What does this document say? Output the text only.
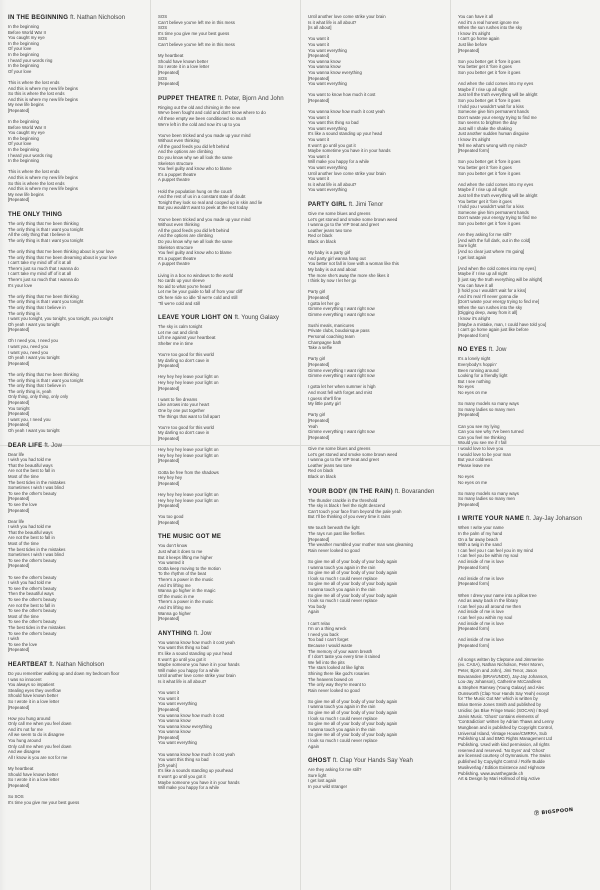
IN THE BEGINNING ft. Nathan Nicholson
In the beginning
Before World War II
You caught my eye
In the beginning
Of your love
In the beginning
I heard your words ring
In the beginning
Of your love
This is where the lost ends
And this is where my new life begins
So this is where the lost ends
And this is where my new life begins
My new life begins
[Repeated]
In the beginning
Before World War II
You caught my eye
In the beginning
Of your love
In the beginning
I heard your words ring
In the beginning
This is where the lost ends
And this is where my new life begins
So this is where the lost ends
And this is where my new life begins
My new life begins
[Repeated]
THE ONLY THING
The only thing that I've been thinking
The only thing is that I want you tonight
All the only thing that I believe in
The only thing is that I want you tonight
The only thing that I've been thinking about is your love
The only thing that I've been dreaming about is your love
I can't take my mind off of it at all
There's just so much that I wanna do
I can't take my mind off of it at all
There's just so much that I wanna do
It's your love
The only thing that I've been thinking
The only thing is that I want you tonight
The only thing that I believe in
The only thing is
I want you tonight, you tonight, you tonight, you tonight
Oh yeah I want you tonight
[Repeated]
Oh I need you, I need you
I want you, need you
I want you, need you
Oh yeah I want you tonight
[Repeated]
The only thing that I've been thinking
The only thing is that I want you tonight
The only thing that I believe in
The only thing is, yeah
Only thing, only thing, only only
[Repeated]
You tonight
[Repeated]
I want you, I need you
[Repeated]
Oh yeah I want you tonight
DEAR LIFE ft. Jow
Dear life
I wish you had told me
That the beautiful ways
Are not the best to fall in
Most of the time
The best tides in the mistakes
Sometimes I wish I was blind
To see the other's beauty
[Repeated]
To see the love
[Repeated]
Dear life
I wish you had told me
That the beautiful ways
Are not the best to fall in
Most of the time
The best tides in the mistakes
Sometimes I wish I was blind
To see the other's beauty
[Repeated]
To see the other's beauty
I wish you had told me
To see the other's beauty
Then the beautiful ways
To see the other's beauty
Are not the best to fall in
To see the other's beauty
Most of the time
To see the other's beauty
The best tides in the mistakes
To see the other's beauty
I wish
To see the love
[Repeated]
HEARTBEAT ft. Nathan Nicholson
Do you remember walking up and down my bedroom floor
I was so innocent
You always so impatient
Stealing eyes they overflow
Should have known better
So I wrote it in a love letter
[Repeated]
How you hung around
Only call me when you feel down
And it's not for me
All we seem to do is disagree
You hung around
Only call me when you feel down
And we disagree
All I know is you are not for me
My heartbeat
Should have known better
So I wrote it in a love letter
[Repeated]
So SOS
It's time you give me your best guess
SOS
Can't believe you've left me in this mess
SOS
It's time you give me your best guess
SOS
Can't believe you've left me in this mess
My heartbeat
Should have known better
So I wrote it in a love letter
[Repeated]
SOS
[Repeated]
PUPPET THEATRE ft. Peter, Bjorn And John
Ringing out the old and chiming in the new
We've been fought and cold and don't know where to do
All these empty we been conditioned so much
We're left in the cold and now it's up to you
You've been tricked and you made up your mind
Without even thinking
All the good feeds you did left behind
And the options are climbing
Do you know why we all look the same
Skeleton structure
You feel guilty and know who to blame
It's a puppet theatre
A puppet theatre
Hold the population hung on the couch
And the rest of us in a constant state of doubt
Tonight they look so real and cooped up in skin and lie
But you wouldn't want to peek at the rest today
You've been tricked and you made up your mind
Without even thinking
All the good feeds you did left behind
And the options are climbing
Do you know why we all look the same
Skeleton structure
You feel guilty and know who to blame
It's a puppet theatre
A puppet theatre
Living in a box no windows to the world
No cards up your sleeve
No aid to what you're heard
Let me be your guide to fall of from your cliff
Ok here ride so idle 'til we're cold and still
'Til we're cold and still
LEAVE YOUR LIGHT ON ft. Young Galaxy
The sky is calm tonight
Let me out and climb
Lift me against your heartbeat
Shelter me in time
You're too good for this world
My darling so don't cave in
[Repeated]
Hey hey hey leave your light on
Hey hey hey leave your light on
[Repeated]
I want to fire dreams
Like arrows into your heart
One by one put together
The things that want to fall apart
You're too good for this world
My darling so don't cave in
[Repeated]
Hey hey hey leave your light on
Hey hey hey leave your light on
[Repeated]
Gotta be free from the shadows
Hey hey hey
[Repeated]
Hey hey hey leave your light on
Hey hey hey leave your light on
[Repeated]
You too good
[Repeated]
THE MUSIC GOT ME
You don't know
Just what it does to me
But it keeps lifting me higher
You wanted it
Gotta keep moving to the motion
To the rhythm of the beat
There's a power in the music
And it's lifting me
Wanna go higher in the magic
Of the music in me
There's a power in the music
And it's lifting me
Wanna go higher
[Repeated]
ANYTHING ft. Jow
You wanna know how much it cost yeah
You want this thing so bad
It's like a sound standing up your head
It won't go until you got it
Maybe someone you have it in your hands
Will make you happy for a while
Until another love come strike your brain
Is it what life is all about?
You want it
You want it
You want everything
[Repeated]
You wanna know how much it cost
You wanna know
You wanna know everything
You wanna know
[Repeated]
You want everything
You wanna know how much it cost yeah
You want this thing so bad
[Oh yeah]
It's like a sounds standing up yourhead
It won't go until you got it
Maybe someone you have it in your hands
Will make you happy for a while
Until another love come strike your brain
Is it what life is all about?
[Is all about]
You want it
You want it
You want everything
[Repeated]
You wanna know
You wanna know
You wanna know everything
[Repeated]
You want everything
You want to know how much it cost
[Repeated]
You wanna know how much it cost yeah
You want it
You want this thing so bad
You want everything
It's like a sound standing up your head
You want it
It won't go until you got it
Maybe sometime you have it in your hands
You want it
Will make you happy for a while
You want everything
Until another love come strike your brain
You want it
Is it what life is all about?
You want everything
PARTY GIRL ft. Jimi Tenor
Give me some blues and greens
Let's get stoned and smoke some brown weed
I wanna go to the VIP treat and greet
Leather jeans two tone
Red or black
Black on black
My baby is a party girl
And party girl wanna hang out
You better not fall in love with a woman like this
My baby is out and about
The more she's away the more she likes it
I think by now I let her go
Party girl
[Repeated]
I gotta let her go
Gimme everything I want right now
Gimme everything I want right now
Sushi meals, manicures
Private clubs, boudoirsque pass
Personal coaching team
Champagne bath
Take a selfie
Party girl
[Repeated]
Gimme everything I want right now
Gimme everything I want right now
I gotta let her when summer is high
And most fell with forget and mist
I guess she'll fine
My little party girl
Party girl
[Repeated]
Yeah
Gimme everything I want right now
[Repeated]
Give me some blues and greens
Let's get stoned and smoke some brown weed
I wanna go to the VIP treat and greet
Leather jeans two tone
Red on black
Black on black
YOUR BODY (IN THE RAIN) ft. Bovaranden
The thunder crackle in the threshold
The sky is black I feel the night descend
Can't touch your face from beyond the pale yeah
But I'll be thinking of you every time it rains
We touch beneath the light
The rays run past like fireflies
[Repeated]
The weather mumbled your mother man was gleaming
Rain never looked so good
So give me all of your body of your body again
I wanna touch you again in the rain
So give me all of your body of your body again
I look so much I could never replace
So give me all of your body of your body again
I wanna touch you again in the rain
So give me all of your body of your body again
I look so much I could never replace
You body
Again
I can't relax
I'm on a thing wreck
I need you back
Too bad I can't forget
Because I would waste
The memory of your warm breath
If I don't taste you every time it rained
We fell into the pits
The stars looked at like lights
Shining there like god's rosaries
The heavens bowed on
The only way they're meant to
Rain never looked so good
So give me all of your body of your body again
I wanna touch you again in the rain
So give me all of your body of your body again
I look so much I could never replace
So give me all of your body of your body again
I wanna touch you again in the rain
So give me all of your body of your body again
I look so much I could never replace
Again
GHOST ft. Clap Your Hands Say Yeah
Are they asking for me still?
Sure light
I get lost again
In your wild stranger
You can have it all
And it's a real honest ignore me
When the sun rushes into the sky
I know it's alright
I can't go home again
Just like before
[Repeated]
Son you better get it 'fore it goes
You better get it 'fore it goes
Son you better get it 'fore it goes
And when the cold comes into my eyes
Maybe if I rise up all night
Just tell the truth everything will be alright
Son you better get it 'fore it goes
I hold you I wouldn't wait for a kiss
Someone give him permanent hands
Don't waste your energy trying to find me
Sun seems to brighten the day
Just will I shake the shaking
Just another sudden human disguise
I know it's alright
Tell me what's wrong with my mind?
[Repeated form]
Son you better get it 'fore it goes
You better get it 'fore it goes
Son you better get it 'fore it goes
And when the cold comes into my eyes
Maybe if I rise up all night
Just tell the truth everything will be alright
You better get it 'fore it goes
I hold you I wouldn't wait for a kiss
Someone give him permanent hands
Don't waste your energy trying to find me
Son you better get it 'fore it goes
Are they asking for me still?
[And with the full dark, out in the cold]
Sure light
[And so clear just where I'm going]
I get lost again
[And when the cold comes into my eyes]
Maybe if I rise up all night
[I just say the truth everything will be alright]
You can have it all
[I hold you I wouldn't wait for a kiss]
And it's real I'll never gonna die
[Don't waste your energy trying to find me]
When the sun rushes into the sky
[Digging deep, away from it all]
I know it's alright
[Maybe a mistake, man, I could have told you]
I can't go home again just like before
[Repeated form]
NO EYES ft. Jow
It's a lonely night
Everybody's hoppin'
Been running around
Looking for a friendly light
But I see nothing
No eyes
No eyes on me
So many models so many ways
So many ladies so many men
[Repeated]
Can you see my lying
Can you see why I've been turned
Can you feel me thinking
Would you see me if I fall
I would love to love you
I would love to be your man
But your coldness
Please leave me
No eyes
No eyes on me
So many models so many ways
So many ladies so many men
[Repeated]
I WRITE YOUR NAME ft. Jay-Jay Johanson
When I write your name
In the palm of my hand
On a far away beach
With a twig in the sand
I can feel you I can feel you in my mind
I can feel you be within my soul
And inside of me is love
[Repeated form]
And inside of me is love
[Repeated form]
When I drew your name into a pillow tree
And as away back in the library
I can feel you all around me then
And inside of me is love
I can feel you within my soul
And inside of me is love
[Repeated form]
And inside of me is love
[Repeated form]
All songs written by Cleptone and Jimmerine
(ex. CASA), Nathan Nicholson, Peter Moren,
Peter, Bjorn and John), Jimi Tenor, Jason
Bovaranden (BRAVUNDO), Jay-Jay Johanson,
Lou-Jay Johanson), Catherine McCandless
& Stephen Ramsey (Young Galaxy) and Alec
Ounsworth (Clap Your Hands Say Yeah) except
for 'The Music Got Me' which is written by
Brian Bernie Jones Smith and published by
Unidisc (as Blue Fringe Music (SOCAN) / Boyd
Jarvis Music. 'Ghost' contains elements of
'Contradiction' written by Adrian Thaws and Lenny
Mungbean and is published by Copyright Control,
Universal Island, Vintage House/CMRRA, Sub
Publishing Ltd and BMG Rights Management Ltd
Publishing. Used with kind permission, all rights
reserved and reserved. 'No Eyes' and 'Ghost'
are licensed courtesy of Gymnasium. The Swiss
published by Copyright Control / Rolfe Budde
Musikverlag / Edition Existence and Highnote
Publishing. www.avanthegarde.ch
Art & Design by Mari Hollmod of Big Active
Ⓟ BIGSPOON
